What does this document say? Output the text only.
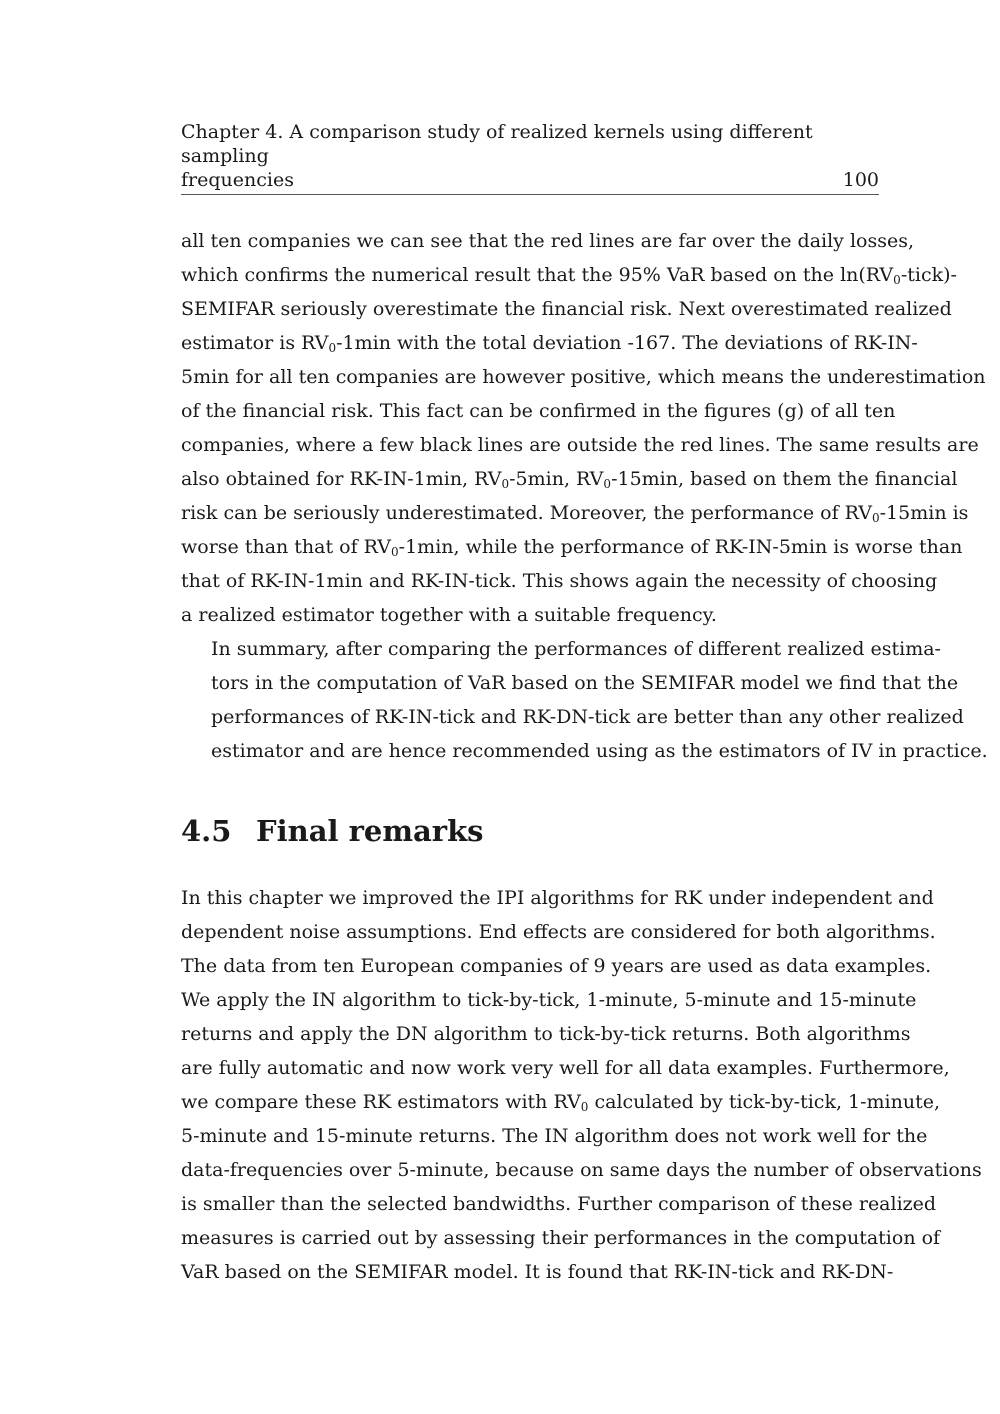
Chapter 4. A comparison study of realized kernels using different sampling
frequencies	100
all ten companies we can see that the red lines are far over the daily losses,
which confirms the numerical result that the 95% VaR based on the $\ln(RV_0-tick)-$
SEMIFAR seriously overestimate the financial risk. Next overestimated realized
estimator is $RV_0-1\min$ with the total deviation -167. The deviations of RK-IN-
5min for all ten companies are however positive, which means the underestimation
of the financial risk. This fact can be confirmed in the figures (g) of all ten
companies, where a few black lines are outside the red lines. The same results are
also obtained for RK-IN-1min, $RV_0-5\min$, $RV_0-15\min$, based on them the financial
risk can be seriously underestimated. Moreover, the performance of $RV_0-15\min$ is
worse than that of $RV_0-1\min$, while the performance of RK-IN-5min is worse than
that of RK-IN-1min and RK-IN-tick. This shows again the necessity of choosing
a realized estimator together with a suitable frequency.
In summary, after comparing the performances of different realized estima-
tors in the computation of VaR based on the SEMIFAR model we find that the
performances of RK-IN-tick and RK-DN-tick are better than any other realized
estimator and are hence recommended using as the estimators of IV in practice.
4.5 Final remarks
In this chapter we improved the IPI algorithms for RK under independent and
dependent noise assumptions. End effects are considered for both algorithms.
The data from ten European companies of 9 years are used as data examples.
We apply the IN algorithm to tick-by-tick, 1-minute, 5-minute and 15-minute
returns and apply the DN algorithm to tick-by-tick returns. Both algorithms
are fully automatic and now work very well for all data examples. Furthermore,
we compare these RK estimators with $RV_0$ calculated by tick-by-tick, 1-minute,
5-minute and 15-minute returns. The IN algorithm does not work well for the
data-frequencies over 5-minute, because on same days the number of observations
is smaller than the selected bandwidths. Further comparison of these realized
measures is carried out by assessing their performances in the computation of
VaR based on the SEMIFAR model. It is found that RK-IN-tick and RK-DN-
